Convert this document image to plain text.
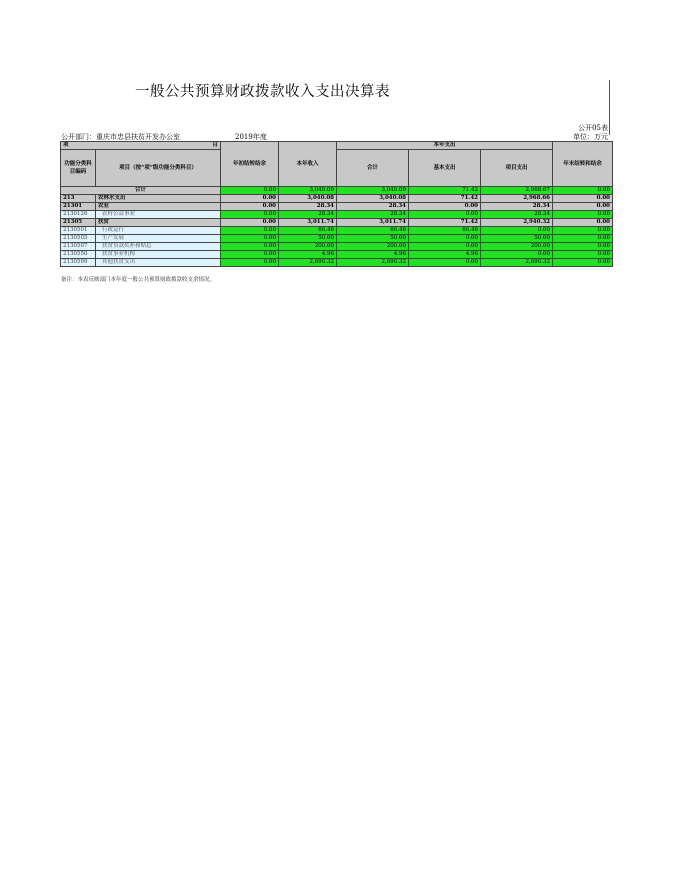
一般公共预算财政拨款收入支出决算表
公开05表
单位：万元
公开部门：重庆市忠县扶贫开发办公室	2019年度
项 目		年初结转结余	本年收入	本年支出			年末结转和结余
功能分类科目编码	项目（按“项”级功能分类科目）			合计	基本支出	项目支出	
合计		0.00	3,040.09	3,040.09	71.42	2,968.67	0.00
213	农林水支出	0.00	3,040.08	3,040.08	71.42	2,968.66	0.00
21301	农业	0.00	28.34	28.34	0.00	28.34	0.00
2130126	农村公益事业	0.00	28.34	28.34	0.00	28.34	0.00
21305	扶贫	0.00	3,011.74	3,011.74	71.42	2,940.32	0.00
2130501	行政运行	0.00	66.46	66.46	66.46	0.00	0.00
2130505	生产发展	0.00	50.00	50.00	0.00	50.00	0.00
2130507	扶贫贷款奖补和贴息	0.00	200.00	200.00	0.00	200.00	0.00
2130550	扶贫事业机构	0.00	4.96	4.96	4.96	0.00	0.00
2130599	其他扶贫支出	0.00	2,690.32	2,690.32	0.00	2,690.32	0.00
备注：本表反映部门本年度一般公共预算财政拨款收支余情况。
